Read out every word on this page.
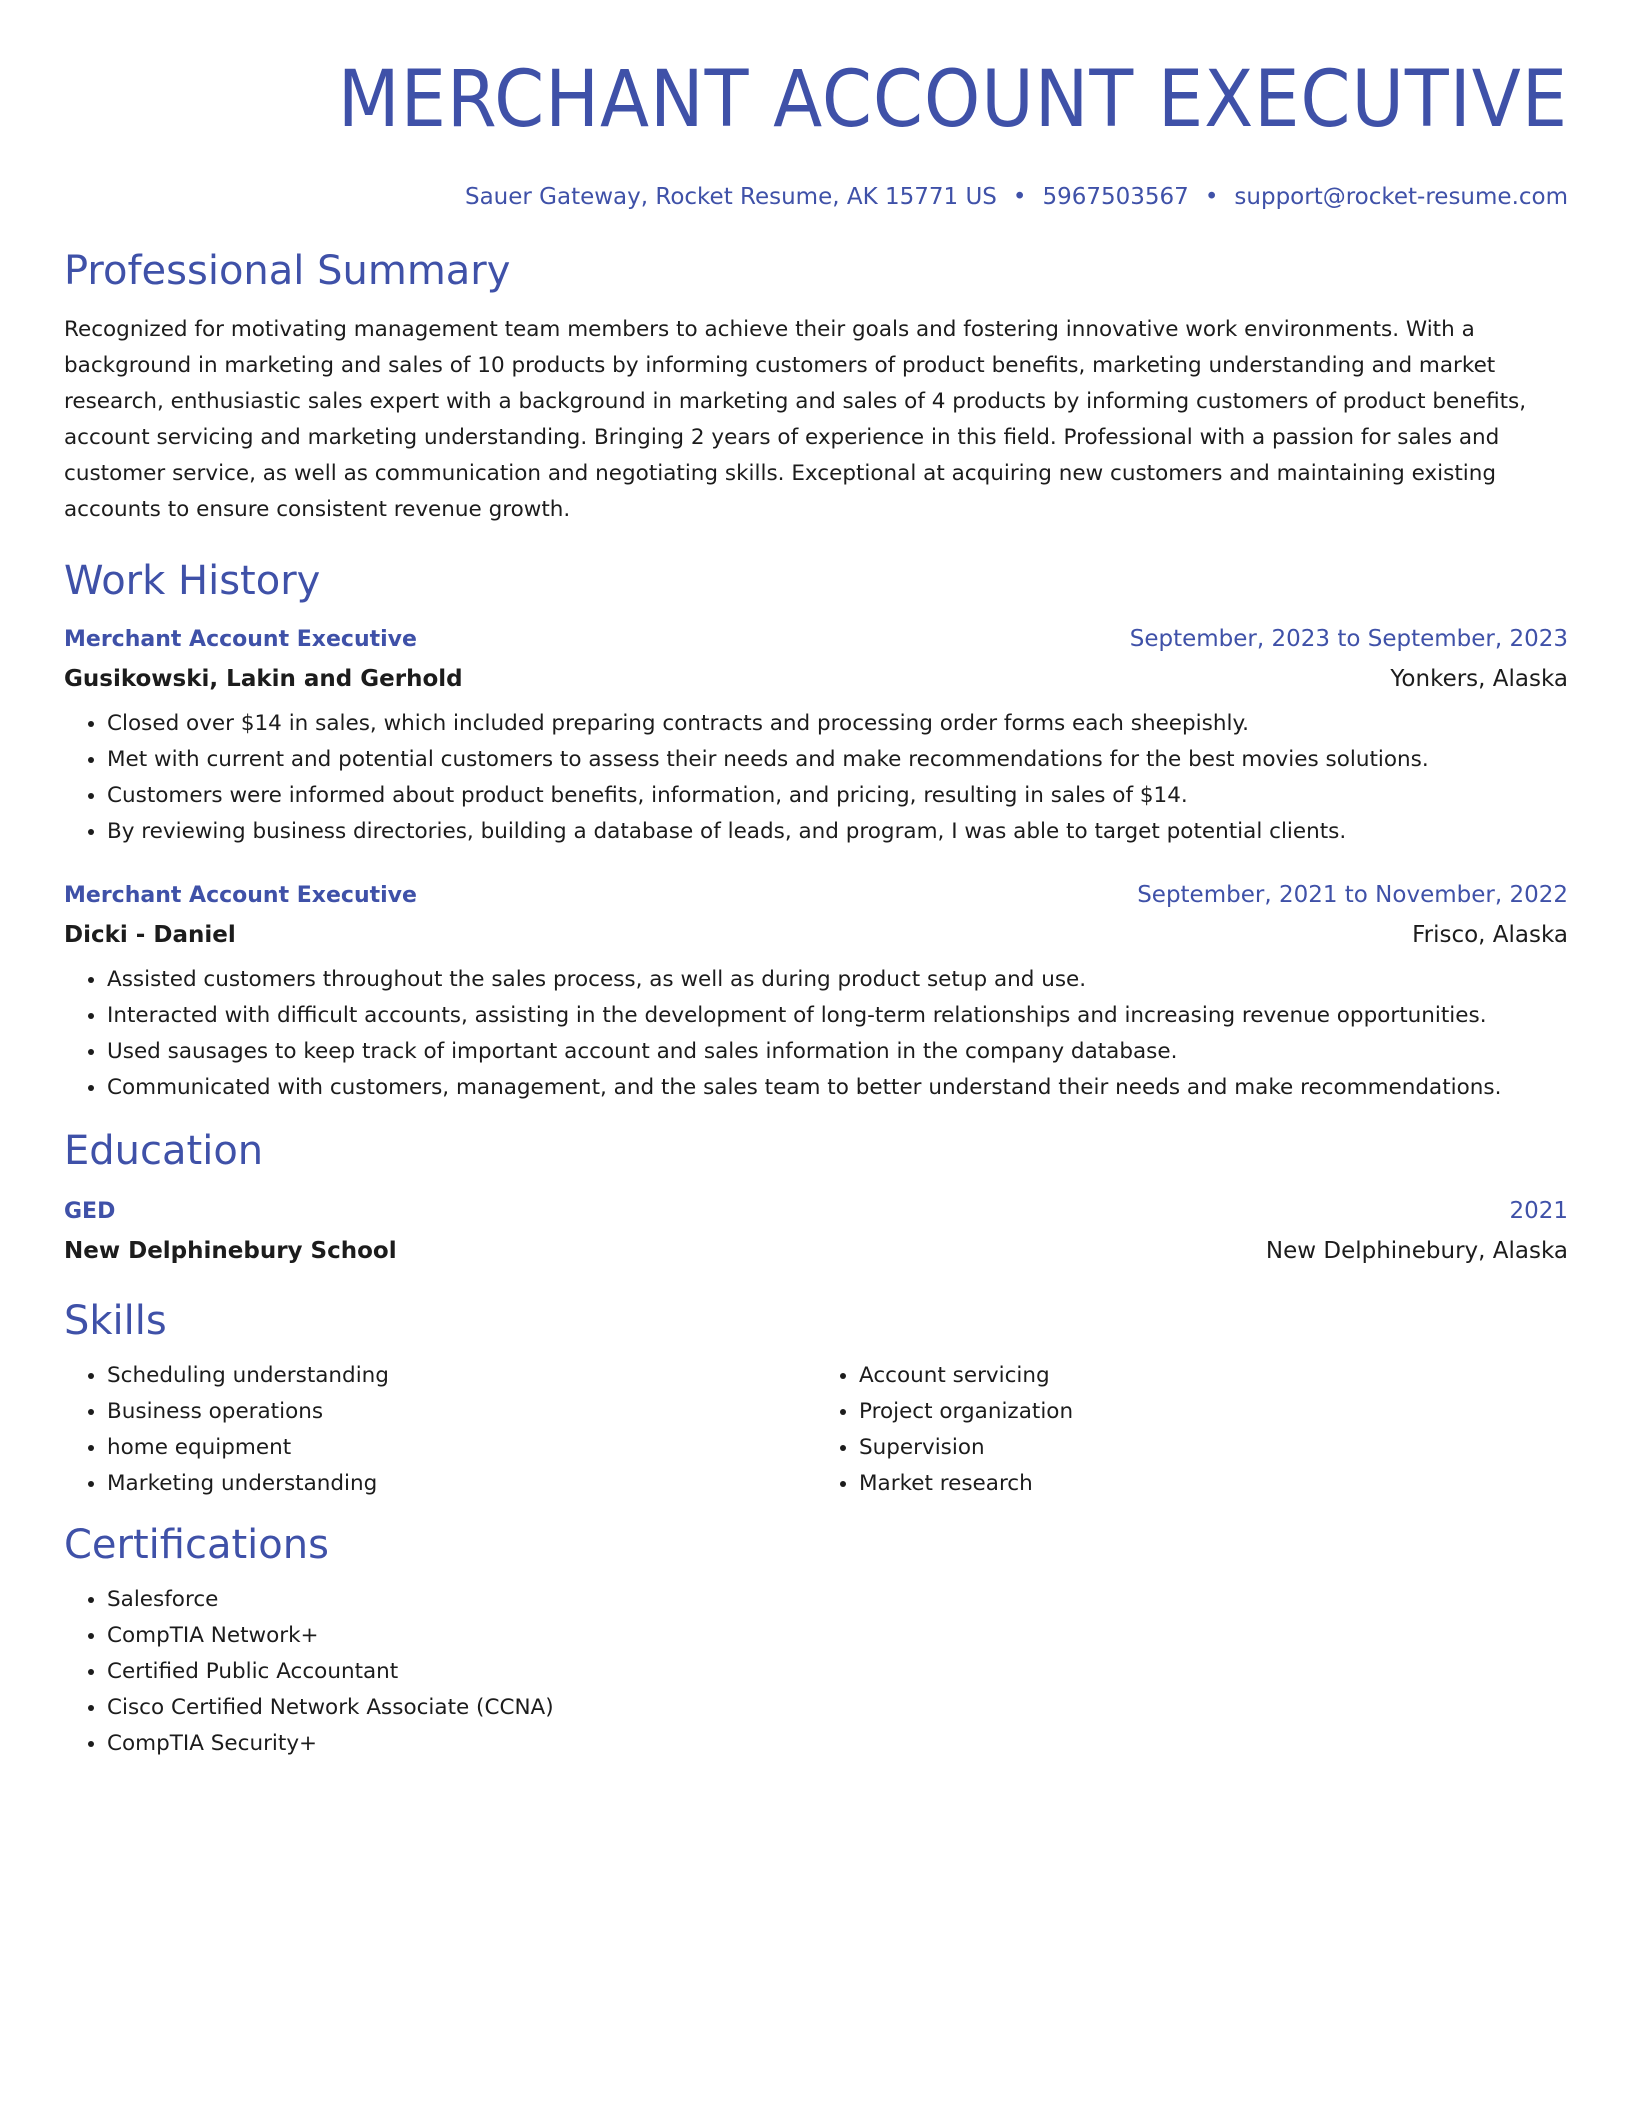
MERCHANT ACCOUNT EXECUTIVE
Sauer Gateway, Rocket Resume, AK 15771 US • 5967503567 • support@rocket-resume.com
Professional Summary
Recognized for motivating management team members to achieve their goals and fostering innovative work environments. With a background in marketing and sales of 10 products by informing customers of product benefits, marketing understanding and market research, enthusiastic sales expert with a background in marketing and sales of 4 products by informing customers of product benefits, account servicing and marketing understanding. Bringing 2 years of experience in this field. Professional with a passion for sales and customer service, as well as communication and negotiating skills. Exceptional at acquiring new customers and maintaining existing accounts to ensure consistent revenue growth.
Work History
Merchant Account Executive	September, 2023 to September, 2023
Gusikowski, Lakin and Gerhold	Yonkers, Alaska
• Closed over $14 in sales, which included preparing contracts and processing order forms each sheepishly.
• Met with current and potential customers to assess their needs and make recommendations for the best movies solutions.
• Customers were informed about product benefits, information, and pricing, resulting in sales of $14.
• By reviewing business directories, building a database of leads, and program, I was able to target potential clients.
Merchant Account Executive	September, 2021 to November, 2022
Dicki - Daniel	Frisco, Alaska
• Assisted customers throughout the sales process, as well as during product setup and use.
• Interacted with difficult accounts, assisting in the development of long-term relationships and increasing revenue opportunities.
• Used sausages to keep track of important account and sales information in the company database.
• Communicated with customers, management, and the sales team to better understand their needs and make recommendations.
Education
GED	2021
New Delphinebury School	New Delphinebury, Alaska
Skills
• Scheduling understanding
• Business operations
• home equipment
• Marketing understanding
• Account servicing
• Project organization
• Supervision
• Market research
Certifications
• Salesforce
• CompTIA Network+
• Certified Public Accountant
• Cisco Certified Network Associate (CCNA)
• CompTIA Security+
